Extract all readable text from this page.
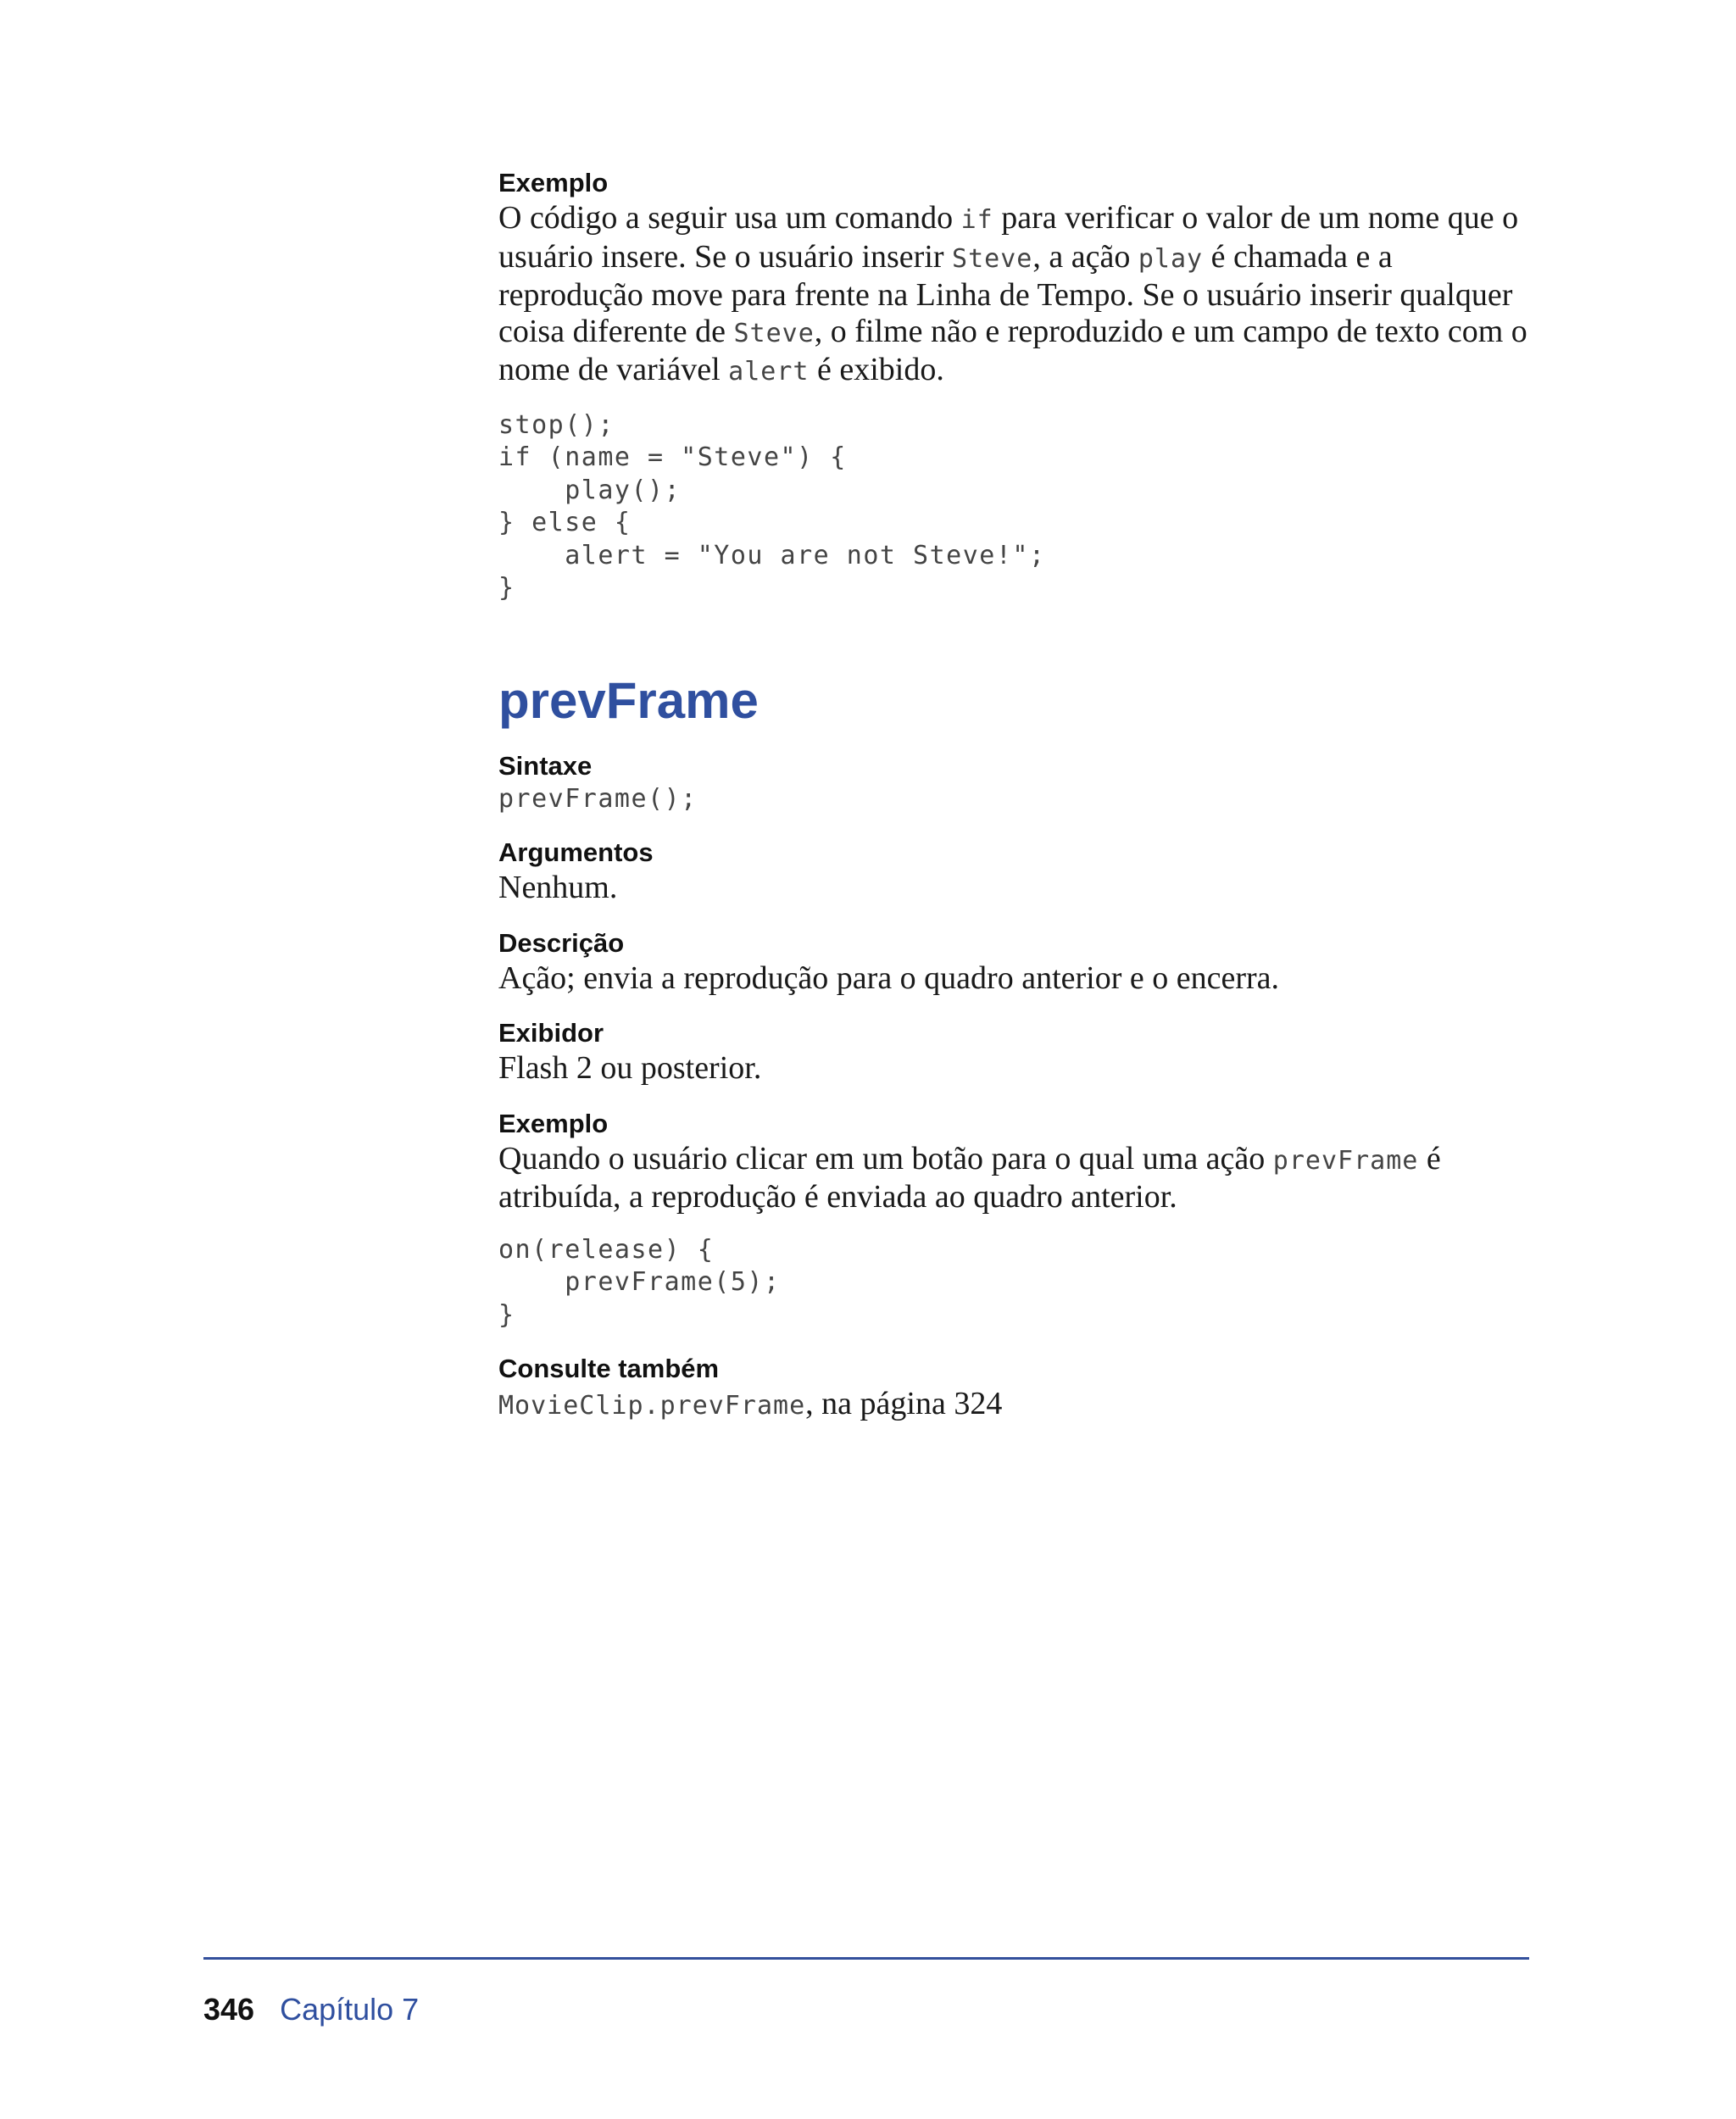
Exemplo
O código a seguir usa um comando if para verificar o valor de um nome que o usuário insere. Se o usuário inserir Steve, a ação play é chamada e a reprodução move para frente na Linha de Tempo. Se o usuário inserir qualquer coisa diferente de Steve, o filme não e reproduzido e um campo de texto com o nome de variável alert é exibido.
stop();
if (name = "Steve") {
play();
} else {
alert = "You are not Steve!";
}
prevFrame
Sintaxe
prevFrame();
Argumentos
Nenhum.
Descrição
Ação; envia a reprodução para o quadro anterior e o encerra.
Exibidor
Flash 2 ou posterior.
Exemplo
Quando o usuário clicar em um botão para o qual uma ação prevFrame é atribuída, a reprodução é enviada ao quadro anterior.
on(release) {
prevFrame(5);
}
Consulte também
MovieClip.prevFrame, na página 324
346 Capítulo 7
